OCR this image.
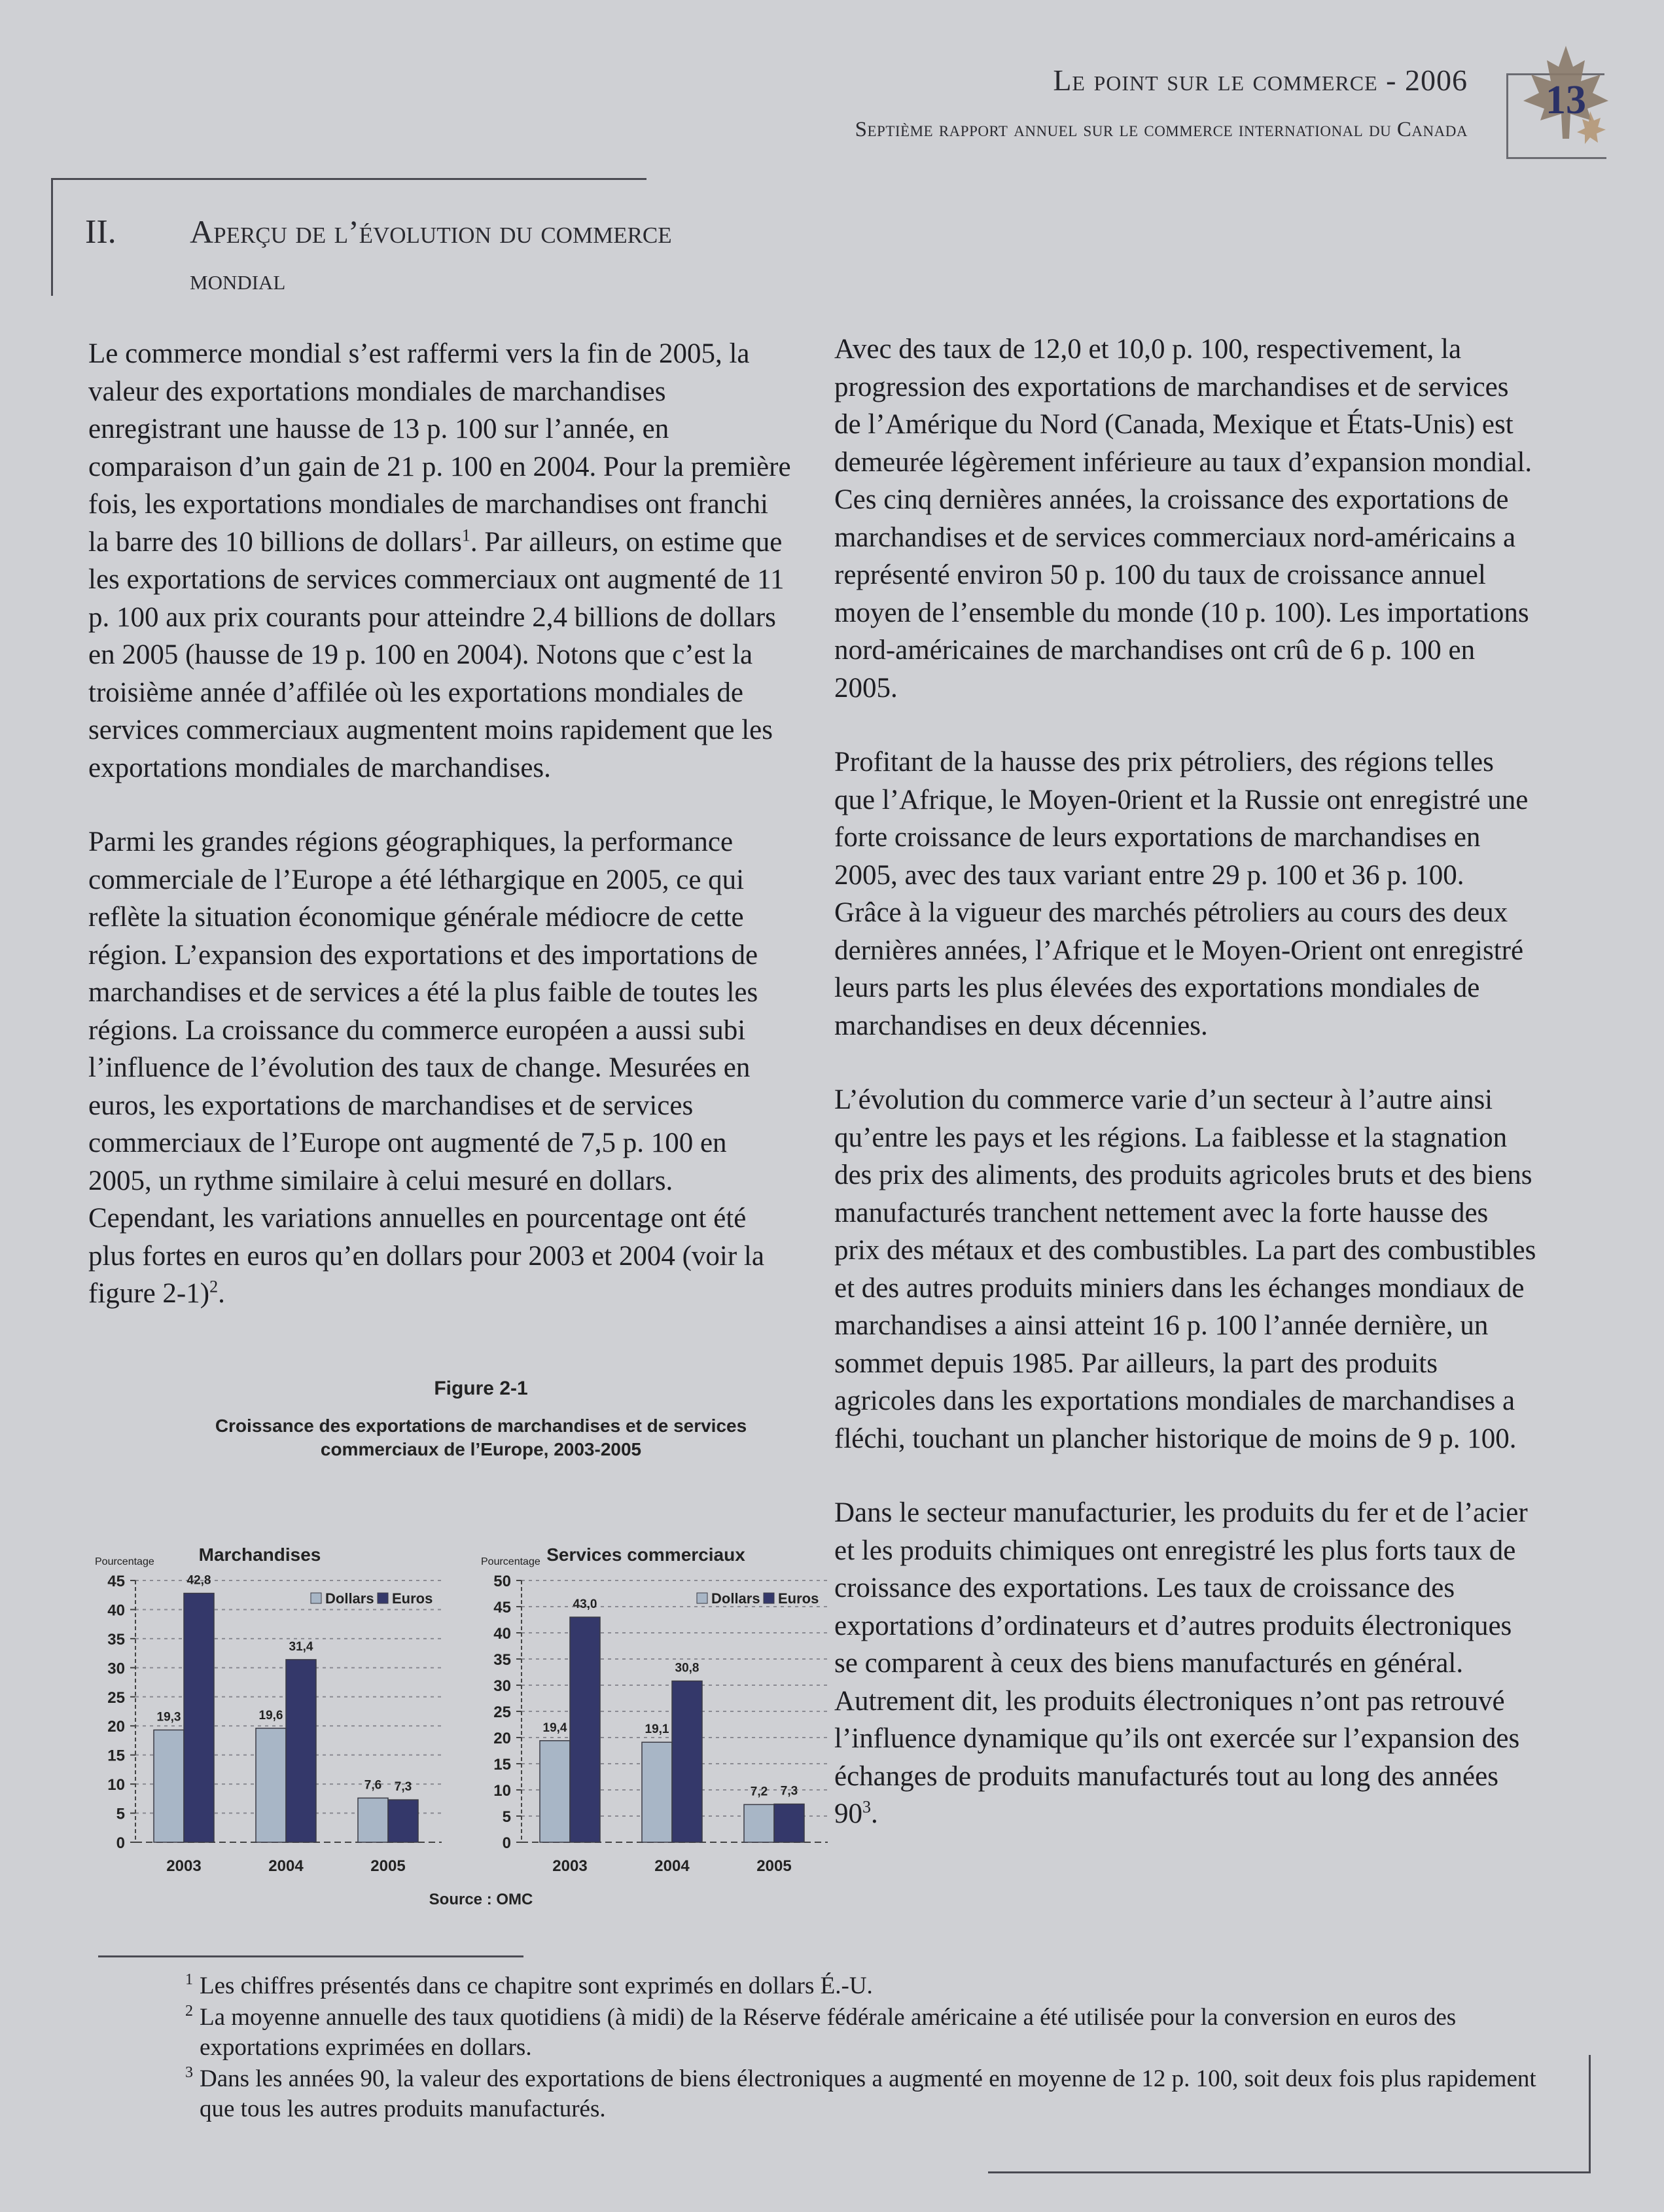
Le point sur le commerce - 2006
Septième rapport annuel sur le commerce international du Canada
13
II. Aperçu de l’évolution du commerce
mondial

Le commerce mondial s’est raffermi vers la fin de 2005, la valeur des exportations mondiales de marchandises enregistrant une hausse de 13 p. 100 sur l’année, en comparaison d’un gain de 21 p. 100 en 2004. Pour la première fois, les exportations mondiales de marchandises ont franchi la barre des 10 billions de dollars$^1$. Par ailleurs, on estime que les exportations de services commerciaux ont augmenté de 11 p. 100 aux prix courants pour atteindre 2,4 billions de dollars en 2005 (hausse de 19 p. 100 en 2004). Notons que c’est la troisième année d’affilée où les exportations mondiales de services commerciaux augmentent moins rapidement que les exportations mondiales de marchandises.

Parmi les grandes régions géographiques, la performance commerciale de l’Europe a été léthargique en 2005, ce qui reflète la situation économique générale médiocre de cette région. L’expansion des exportations et des importations de marchandises et de services a été la plus faible de toutes les régions. La croissance du commerce européen a aussi subi l’influence de l’évolution des taux de change. Mesurées en euros, les exportations de marchandises et de services commerciaux de l’Europe ont augmenté de 7,5 p. 100 en 2005, un rythme similaire à celui mesuré en dollars. Cependant, les variations annuelles en pourcentage ont été plus fortes en euros qu’en dollars pour 2003 et 2004 (voir la figure 2-1)$^2$.

Avec des taux de 12,0 et 10,0 p. 100, respectivement, la progression des exportations de marchandises et de services de l’Amérique du Nord (Canada, Mexique et États-Unis) est demeurée légèrement inférieure au taux d’expansion mondial. Ces cinq dernières années, la croissance des exportations de marchandises et de services commerciaux nord-américains a représenté environ 50 p. 100 du taux de croissance annuel moyen de l’ensemble du monde (10 p. 100). Les importations nord-américaines de marchandises ont crû de 6 p. 100 en 2005.

Profitant de la hausse des prix pétroliers, des régions telles que l’Afrique, le Moyen-0rient et la Russie ont enregistré une forte croissance de leurs exportations de marchandises en 2005, avec des taux variant entre 29 p. 100 et 36 p. 100. Grâce à la vigueur des marchés pétroliers au cours des deux dernières années, l’Afrique et le Moyen-Orient ont enregistré leurs parts les plus élevées des exportations mondiales de marchandises en deux décennies.

L’évolution du commerce varie d’un secteur à l’autre ainsi qu’entre les pays et les régions. La faiblesse et la stagnation des prix des aliments, des produits agricoles bruts et des biens manufacturés tranchent nettement avec la forte hausse des prix des métaux et des combustibles. La part des combustibles et des autres produits miniers dans les échanges mondiaux de marchandises a ainsi atteint 16 p. 100 l’année dernière, un sommet depuis 1985. Par ailleurs, la part des produits agricoles dans les exportations mondiales de marchandises a fléchi, touchant un plancher historique de moins de 9 p. 100.

Dans le secteur manufacturier, les produits du fer et de l’acier et les produits chimiques ont enregistré les plus forts taux de croissance des exportations. Les taux de croissance des exportations d’ordinateurs et d’autres produits électroniques se comparent à ceux des biens manufacturés en général. Autrement dit, les produits électroniques n’ont pas retrouvé l’influence dynamique qu’ils ont exercée sur l’expansion des échanges de produits manufacturés tout au long des années $90^3$.

Figure 2-1
Croissance des exportations de marchandises et de services
commerciaux de l’Europe, 2003-2005
Marchandises
Pourcentage
0
5
10
15
20
25
30
35
40
45
19,3
42,8
2003
19,6
31,4
2004
7,6 7,3
2005
Dollars Euros
Services commerciaux
Pourcentage
0
5
10
15
20
25
30
35
40
45
50
19,4
43,0
2003
19,1
30,8
2004
7,2 7,3
2005
Dollars Euros
Source : OMC
1 Les chiffres présentés dans ce chapitre sont exprimés en dollars É.-U.
2 La moyenne annuelle des taux quotidiens (à midi) de la Réserve fédérale américaine a été utilisée pour la conversion en euros des exportations exprimées en dollars.
3 Dans les années 90, la valeur des exportations de biens électroniques a augmenté en moyenne de 12 p. 100, soit deux fois plus rapidement que tous les autres produits manufacturés.
